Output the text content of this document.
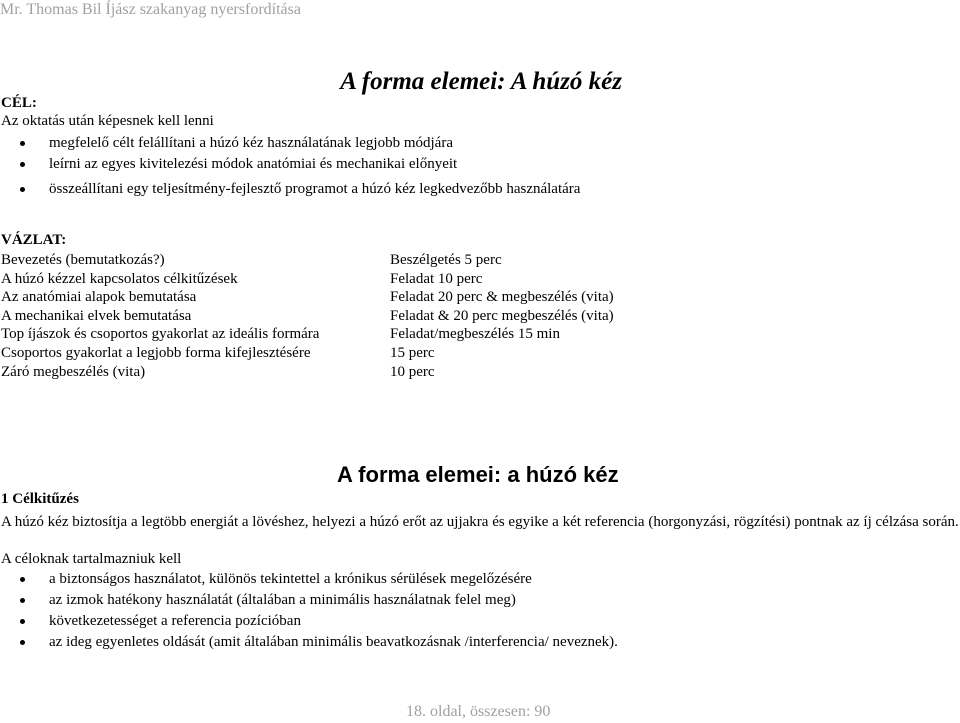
Mr. Thomas Bil Íjász szakanyag nyersfordítása
A forma elemei: A húzó kéz
CÉL:
Az oktatás után képesnek kell lenni
megfelelő célt felállítani a húzó kéz használatának legjobb módjára
leírni az egyes kivitelezési módok anatómiai és mechanikai előnyeit
összeállítani egy teljesítmény-fejlesztő programot a húzó kéz legkedvezőbb használatára
VÁZLAT:
Bevezetés (bemutatkozás?)
A húzó kézzel kapcsolatos célkitűzések
Az anatómiai alapok bemutatása
A mechanikai elvek bemutatása
Top íjászok és csoportos gyakorlat az ideális formára
Csoportos gyakorlat a legjobb forma kifejlesztésére
Záró megbeszélés (vita)
Beszélgetés 5 perc
Feladat 10 perc
Feladat 20 perc & megbeszélés (vita)
Feladat & 20 perc megbeszélés (vita)
Feladat/megbeszélés 15 min
15 perc
10 perc
A forma elemei: a húzó kéz
1 Célkitűzés
A húzó kéz biztosítja a legtöbb energiát a lövéshez, helyezi a húzó erőt az ujjakra és egyike a két referencia (horgonyzási, rögzítési) pontnak az íj célzása során.
A céloknak tartalmazniuk kell
a biztonságos használatot, különös tekintettel a krónikus sérülések megelőzésére
az izmok hatékony használatát (általában a minimális használatnak felel meg)
következetességet a referencia pozícióban
az ideg egyenletes oldását (amit általában minimális beavatkozásnak /interferencia/ neveznek).
18. oldal, összesen: 90
